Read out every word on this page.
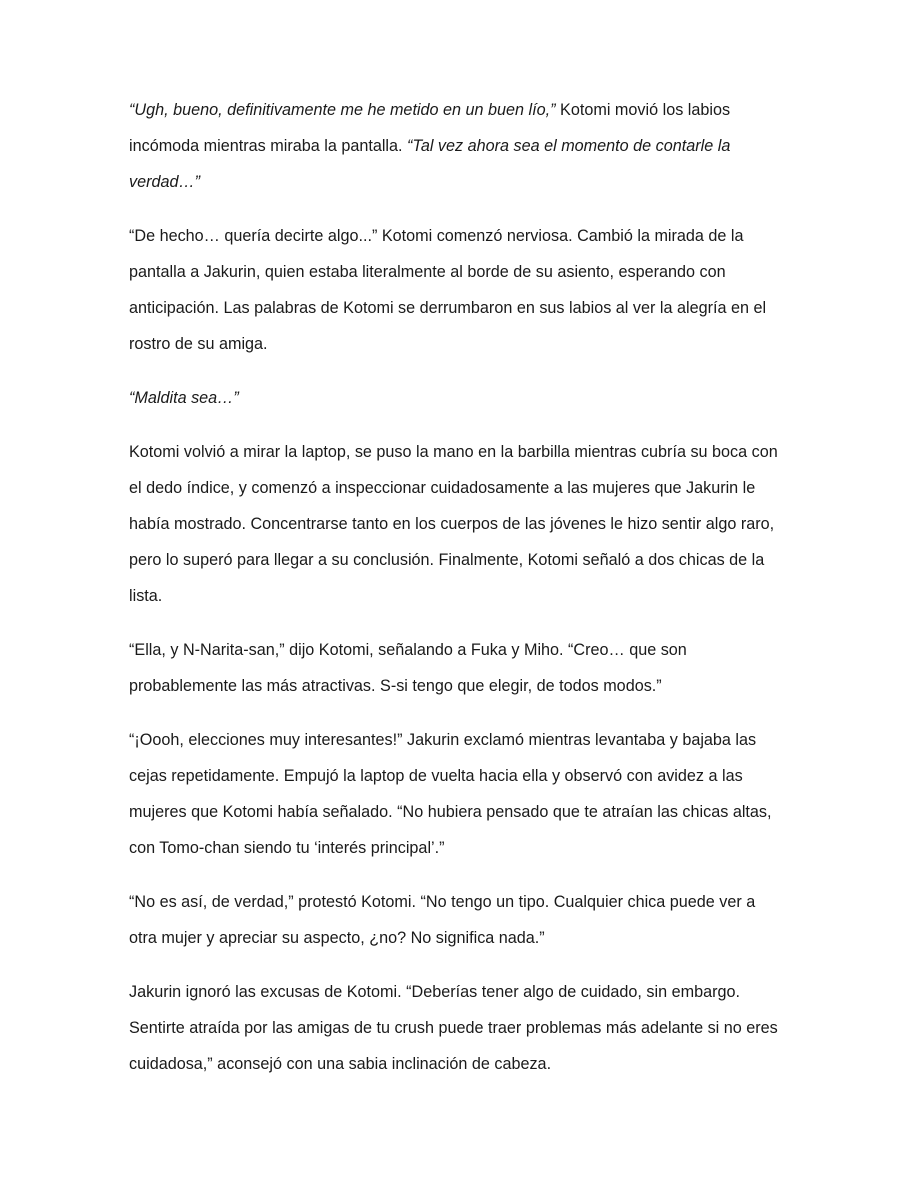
“Ugh, bueno, definitivamente me he metido en un buen lío,” Kotomi movió los labios incómoda mientras miraba la pantalla. “Tal vez ahora sea el momento de contarle la verdad…”

“De hecho… quería decirte algo...” Kotomi comenzó nerviosa. Cambió la mirada de la pantalla a Jakurin, quien estaba literalmente al borde de su asiento, esperando con anticipación. Las palabras de Kotomi se derrumbaron en sus labios al ver la alegría en el rostro de su amiga.

“Maldita sea…”

Kotomi volvió a mirar la laptop, se puso la mano en la barbilla mientras cubría su boca con el dedo índice, y comenzó a inspeccionar cuidadosamente a las mujeres que Jakurin le había mostrado. Concentrarse tanto en los cuerpos de las jóvenes le hizo sentir algo raro, pero lo superó para llegar a su conclusión. Finalmente, Kotomi señaló a dos chicas de la lista.

“Ella, y N-Narita-san,” dijo Kotomi, señalando a Fuka y Miho. “Creo… que son probablemente las más atractivas. S-si tengo que elegir, de todos modos.”

“¡Oooh, elecciones muy interesantes!” Jakurin exclamó mientras levantaba y bajaba las cejas repetidamente. Empujó la laptop de vuelta hacia ella y observó con avidez a las mujeres que Kotomi había señalado. “No hubiera pensado que te atraían las chicas altas, con Tomo-chan siendo tu ‘interés principal’.”

“No es así, de verdad,” protestó Kotomi. “No tengo un tipo. Cualquier chica puede ver a otra mujer y apreciar su aspecto, ¿no? No significa nada.”

Jakurin ignoró las excusas de Kotomi. “Deberías tener algo de cuidado, sin embargo. Sentirte atraída por las amigas de tu crush puede traer problemas más adelante si no eres cuidadosa,” aconsejó con una sabia inclinación de cabeza.
